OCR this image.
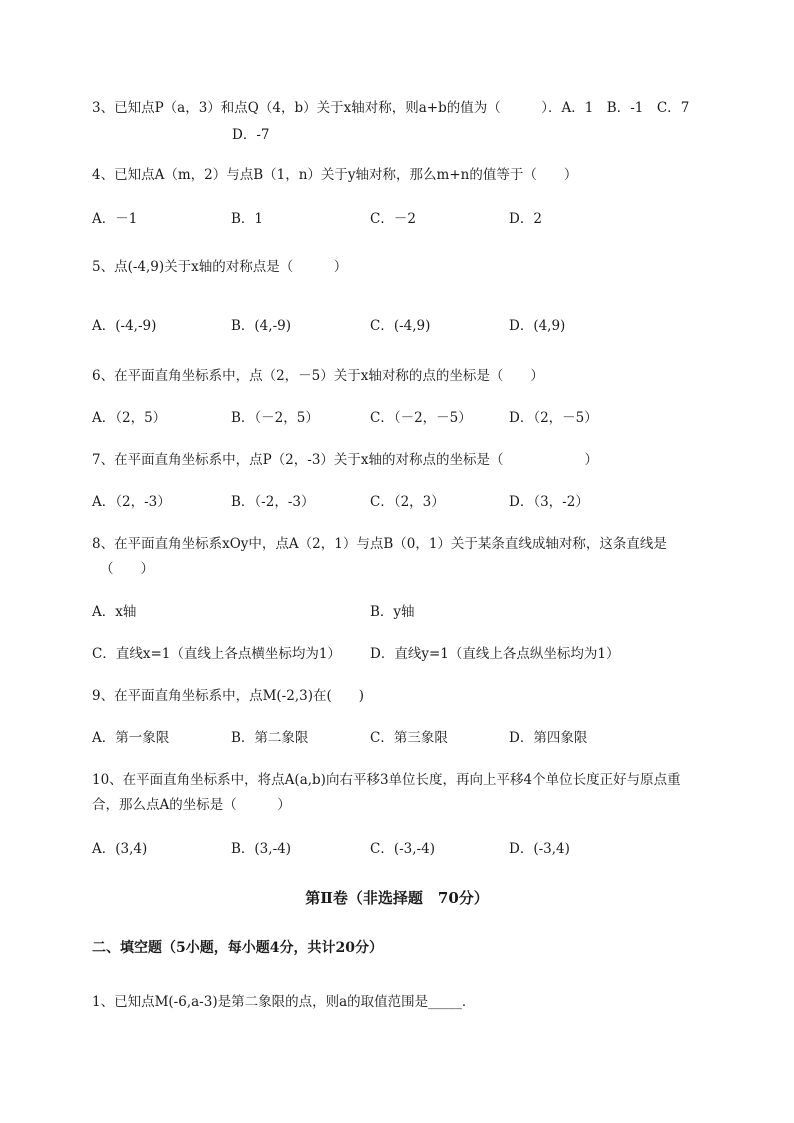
3、已知点P（a，3）和点Q（4，b）关于x轴对称，则a+b的值为（　　　）．A．1　B．-1　C．7
D．-7
4、已知点A（m，2）与点B（1，n）关于y轴对称，那么m+n的值等于（　　）
A．－1	B．1	C．－2	D．2
5、点(-4,9)关于x轴的对称点是（　　　）
A．(-4,-9)	B．(4,-9)	C．(-4,9)	D．(4,9)
6、在平面直角坐标系中，点（2，－5）关于x轴对称的点的坐标是（　　）
A．（2，5）	B．（－2，5）	C．（－2，－5）	D．（2，－5）
7、在平面直角坐标系中，点P（2，-3）关于x轴的对称点的坐标是（　　　　　　）
A．（2，-3）	B．（-2，-3）	C．（2，3）	D．（3，-2）
8、在平面直角坐标系xOy中，点A（2，1）与点B（0，1）关于某条直线成轴对称，这条直线是
（　　）
A．x轴	B．y轴
C．直线x=1（直线上各点横坐标均为1） D．直线y=1（直线上各点纵坐标均为1）
9、在平面直角坐标系中，点M(-2,3)在(　　)
A．第一象限	B．第二象限	C．第三象限	D．第四象限
10、在平面直角坐标系中，将点A(a,b)向右平移3单位长度，再向上平移4个单位长度正好与原点重
合，那么点A的坐标是（　　　）
A．(3,4)	B．(3,-4)	C．(-3,-4)	D．(-3,4)
第Ⅱ卷（非选择题　70分）
二、填空题（5小题，每小题4分，共计20分）
1、已知点M(-6,a-3)是第二象限的点，则a的取值范围是_____．
